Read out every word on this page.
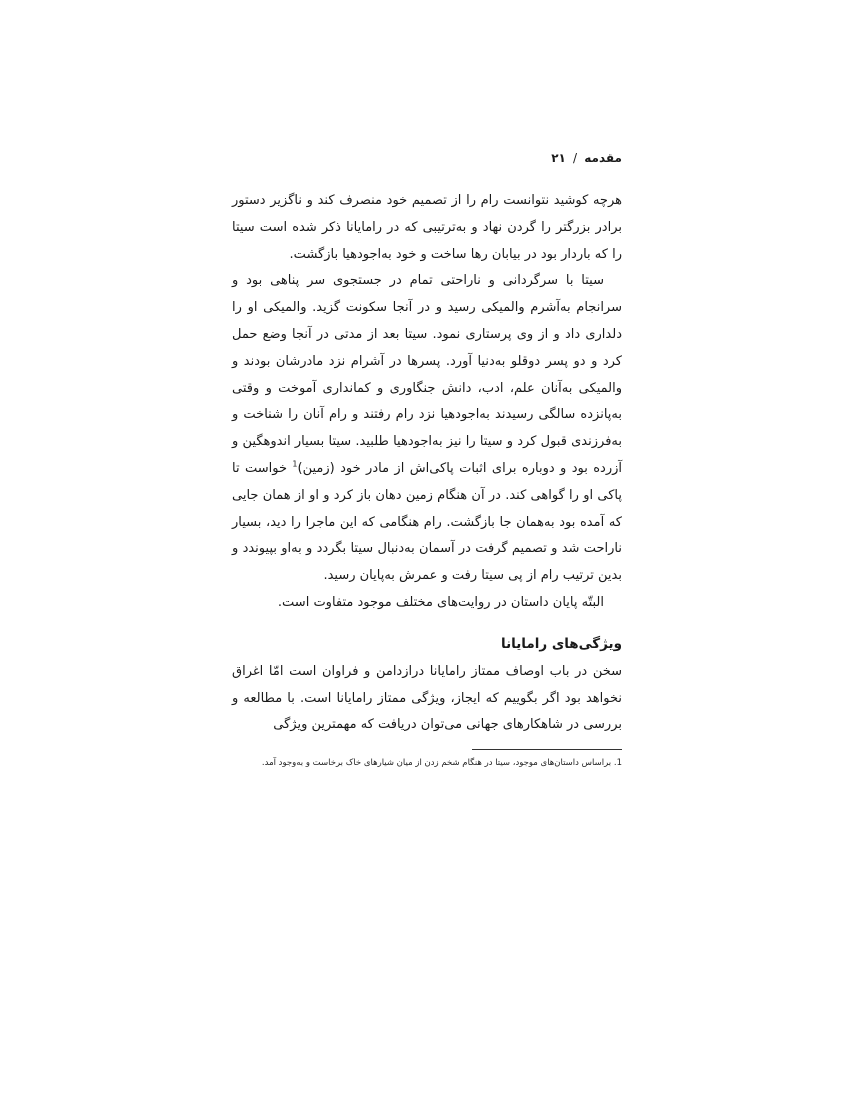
مقدمه / ۲۱

هرچه کوشید نتوانست رام را از تصمیم خود منصرف کند و ناگزیر دستور برادر بزرگتر را گردن نهاد و به‌ترتیبی که در رامایانا ذکر شده است سیتا را که باردار بود در بیابان رها ساخت و خود به‌اجودهیا بازگشت.

سیتا با سرگردانی و ناراحتی تمام در جستجوی سر پناهی بود و سرانجام به‌آشرم والمیکی رسید و در آنجا سکونت گزید. والمیکی او را دلداری داد و از وی پرستاری نمود. سیتا بعد از مدتی در آنجا وضع حمل کرد و دو پسر دوقلو به‌دنیا آورد. پسرها در آشرام نزد مادرشان بودند و والمیکی به‌آنان علم، ادب، دانش جنگاوری و کمانداری آموخت و وقتی به‌پانزده سالگی رسیدند به‌اجودهیا نزد رام رفتند و رام آنان را شناخت و به‌فرزندی قبول کرد و سیتا را نیز به‌اجودهیا طلبید. سیتا بسیار اندوهگین و آزرده بود و دوباره برای اثبات پاکی‌اش از مادر خود (زمین)$^1$ خواست تا پاکی او را گواهی کند. در آن هنگام زمین دهان باز کرد و او از همان جایی که آمده بود به‌همان جا بازگشت. رام هنگامی که این ماجرا را دید، بسیار ناراحت شد و تصمیم گرفت در آسمان به‌دنبال سیتا بگردد و به‌او بپیوندد و بدین ترتیب رام از پی سیتا رفت و عمرش به‌پایان رسید.

البتّه پایان داستان در روایت‌های مختلف موجود متفاوت است.

ویژگی‌های رامایانا

سخن در باب اوصاف ممتاز رامایانا درازدامن و فراوان است امّا اغراق نخواهد بود اگر بگوییم که ایجاز، ویژگی ممتاز رامایانا است. با مطالعه و بررسی در شاهکارهای جهانی می‌توان دریافت که مهمترین ویژگی

1. براساس داستان‌های موجود، سیتا در هنگام شخم زدن از میان شیارهای خاک برخاست و به‌وجود آمد.
